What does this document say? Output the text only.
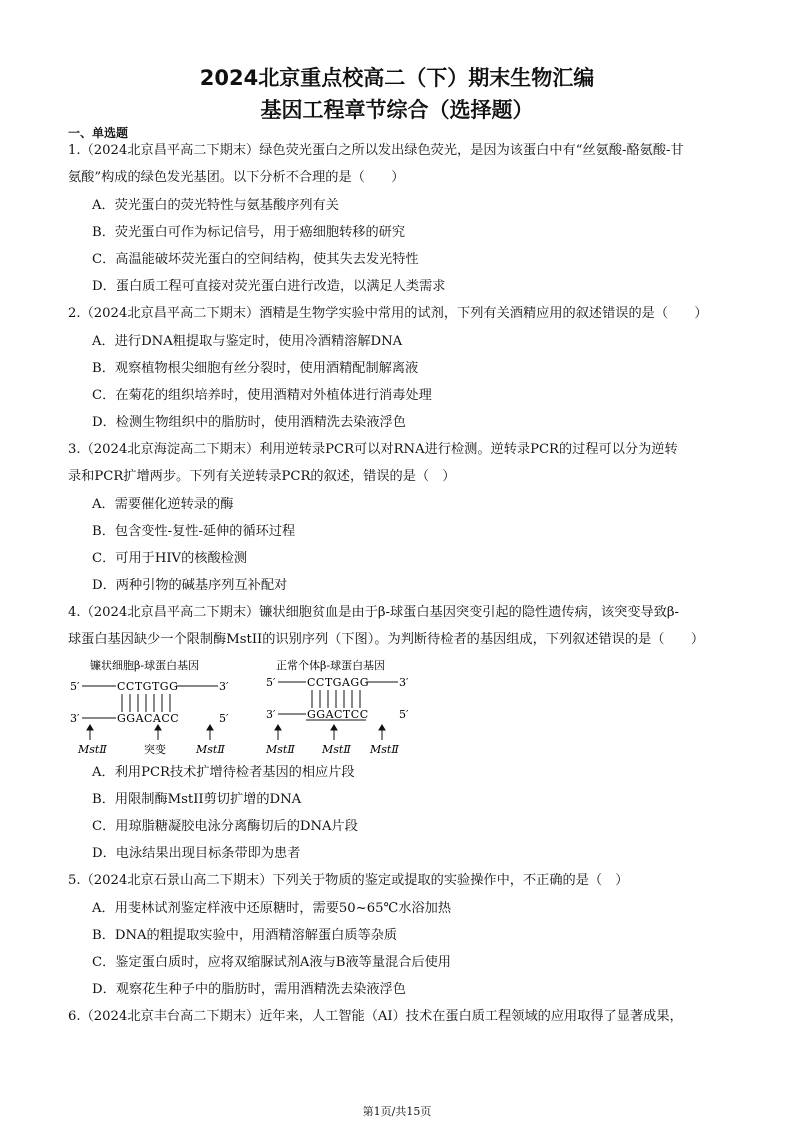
2024北京重点校高二（下）期末生物汇编
基因工程章节综合（选择题）
一、单选题
1.（2024北京昌平高二下期末）绿色荧光蛋白之所以发出绿色荧光，是因为该蛋白中有“丝氨酸-酪氨酸-甘
氨酸”构成的绿色发光基团。以下分析不合理的是（　　）
A．荧光蛋白的荧光特性与氨基酸序列有关
B．荧光蛋白可作为标记信号，用于癌细胞转移的研究
C．高温能破坏荧光蛋白的空间结构，使其失去发光特性
D．蛋白质工程可直接对荧光蛋白进行改造，以满足人类需求
2.（2024北京昌平高二下期末）酒精是生物学实验中常用的试剂，下列有关酒精应用的叙述错误的是（　　）
A．进行DNA粗提取与鉴定时，使用冷酒精溶解DNA
B．观察植物根尖细胞有丝分裂时，使用酒精配制解离液
C．在菊花的组织培养时，使用酒精对外植体进行消毒处理
D．检测生物组织中的脂肪时，使用酒精洗去染液浮色
3.（2024北京海淀高二下期末）利用逆转录PCR可以对RNA进行检测。逆转录PCR的过程可以分为逆转
录和PCR扩增两步。下列有关逆转录PCR的叙述，错误的是（　）
A．需要催化逆转录的酶
B．包含变性-复性-延伸的循环过程
C．可用于HIV的核酸检测
D．两种引物的碱基序列互补配对
4.（2024北京昌平高二下期末）镰状细胞贫血是由于β-球蛋白基因突变引起的隐性遗传病，该突变导致β-
球蛋白基因缺少一个限制酶MstII的识别序列（下图）。为判断待检者的基因组成，下列叙述错误的是（　　）
镰状细胞β-球蛋白基因
5′	CCTGTGG	3′
3′	GGACACC	5′
MstⅡ	突变	MstⅡ
正常个体β-球蛋白基因
5′	CCTGAGG	3′
3′	GGACTCC	5′
MstⅡ MstⅡ MstⅡ
A．利用PCR技术扩增待检者基因的相应片段
B．用限制酶MstII剪切扩增的DNA
C．用琼脂糖凝胶电泳分离酶切后的DNA片段
D．电泳结果出现目标条带即为患者
5.（2024北京石景山高二下期末）下列关于物质的鉴定或提取的实验操作中，不正确的是（　）
A．用斐林试剂鉴定样液中还原糖时，需要50~65℃水浴加热
B．DNA的粗提取实验中，用酒精溶解蛋白质等杂质
C．鉴定蛋白质时，应将双缩脲试剂A液与B液等量混合后使用
D．观察花生种子中的脂肪时，需用酒精洗去染液浮色
6.（2024北京丰台高二下期末）近年来，人工智能（AI）技术在蛋白质工程领域的应用取得了显著成果，
第1页/共15页
